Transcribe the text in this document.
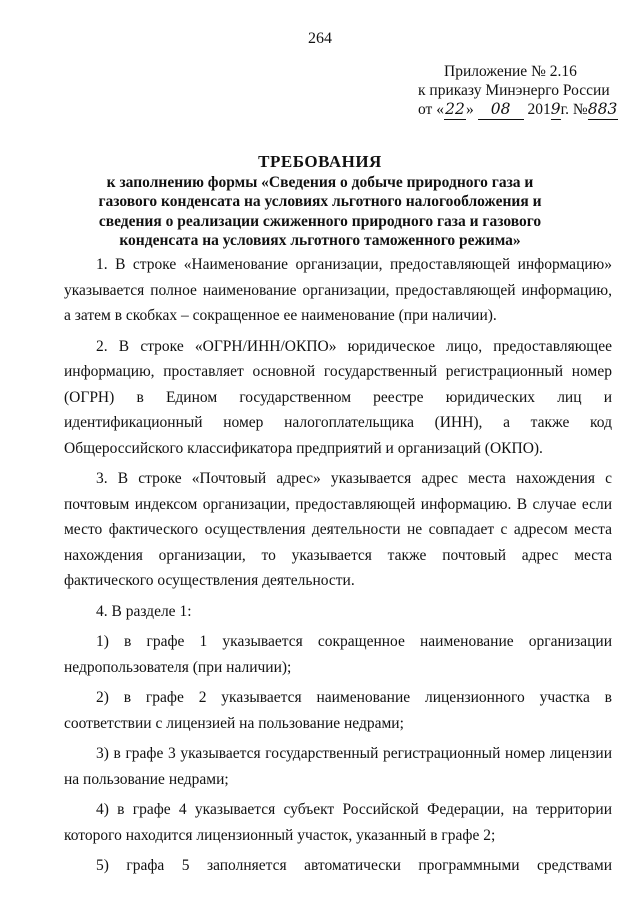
264
Приложение № 2.16
к приказу Минэнерго России
от «22» 08 2019г. №883
ТРЕБОВАНИЯ
к заполнению формы «Сведения о добыче природного газа и газового конденсата на условиях льготного налогообложения и сведения о реализации сжиженного природного газа и газового конденсата на условиях льготного таможенного режима»

1. В строке «Наименование организации, предоставляющей информацию» указывается полное наименование организации, предоставляющей информацию, а затем в скобках – сокращенное ее наименование (при наличии).

2. В строке «ОГРН/ИНН/ОКПО» юридическое лицо, предоставляющее информацию, проставляет основной государственный регистрационный номер (ОГРН) в Едином государственном реестре юридических лиц и идентификационный номер налогоплательщика (ИНН), а также код Общероссийского классификатора предприятий и организаций (ОКПО).

3. В строке «Почтовый адрес» указывается адрес места нахождения с почтовым индексом организации, предоставляющей информацию. В случае если место фактического осуществления деятельности не совпадает с адресом места нахождения организации, то указывается также почтовый адрес места фактического осуществления деятельности.

4. В разделе 1:

1) в графе 1 указывается сокращенное наименование организации недропользователя (при наличии);

2) в графе 2 указывается наименование лицензионного участка в соответствии с лицензией на пользование недрами;

3) в графе 3 указывается государственный регистрационный номер лицензии на пользование недрами;

4) в графе 4 указывается субъект Российской Федерации, на территории которого находится лицензионный участок, указанный в графе 2;

5) графа 5 заполняется автоматически программными средствами
